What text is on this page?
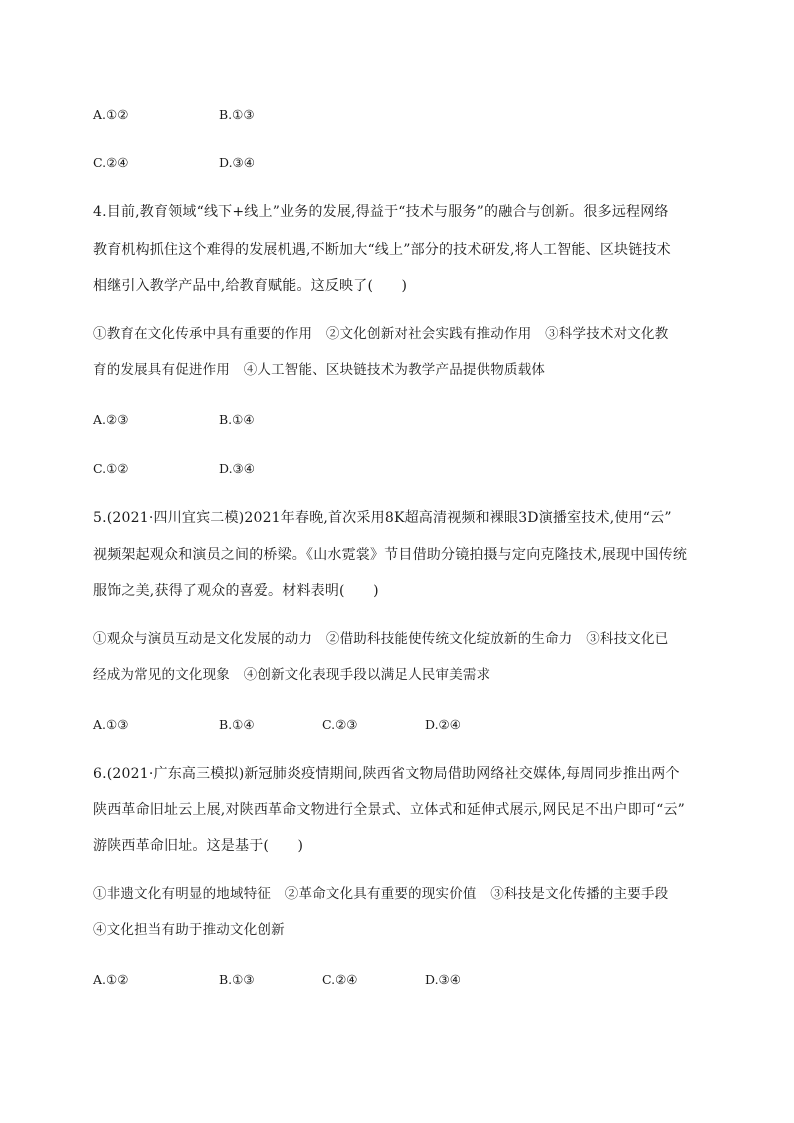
A.①②	B.①③
C.②④	D.③④
4.目前,教育领域“线下+线上”业务的发展,得益于“技术与服务”的融合与创新。很多远程网络
教育机构抓住这个难得的发展机遇,不断加大“线上”部分的技术研发,将人工智能、区块链技术
相继引入教学产品中,给教育赋能。这反映了(　　)
①教育在文化传承中具有重要的作用　②文化创新对社会实践有推动作用　③科学技术对文化教
育的发展具有促进作用　④人工智能、区块链技术为教学产品提供物质载体
A.②③	B.①④
C.①②	D.③④
5.(2021·四川宜宾二模)2021年春晚,首次采用8K超高清视频和裸眼3D演播室技术,使用“云”
视频架起观众和演员之间的桥梁。《山水霓裳》节目借助分镜拍摄与定向克隆技术,展现中国传统
服饰之美,获得了观众的喜爱。材料表明(　　)
①观众与演员互动是文化发展的动力　②借助科技能使传统文化绽放新的生命力　③科技文化已
经成为常见的文化现象　④创新文化表现手段以满足人民审美需求
A.①③	B.①④	C.②③	D.②④
6.(2021·广东高三模拟)新冠肺炎疫情期间,陕西省文物局借助网络社交媒体,每周同步推出两个
陕西革命旧址云上展,对陕西革命文物进行全景式、立体式和延伸式展示,网民足不出户即可“云”
游陕西革命旧址。这是基于(　　)
①非遗文化有明显的地域特征　②革命文化具有重要的现实价值　③科技是文化传播的主要手段
④文化担当有助于推动文化创新
A.①②	B.①③	C.②④	D.③④
